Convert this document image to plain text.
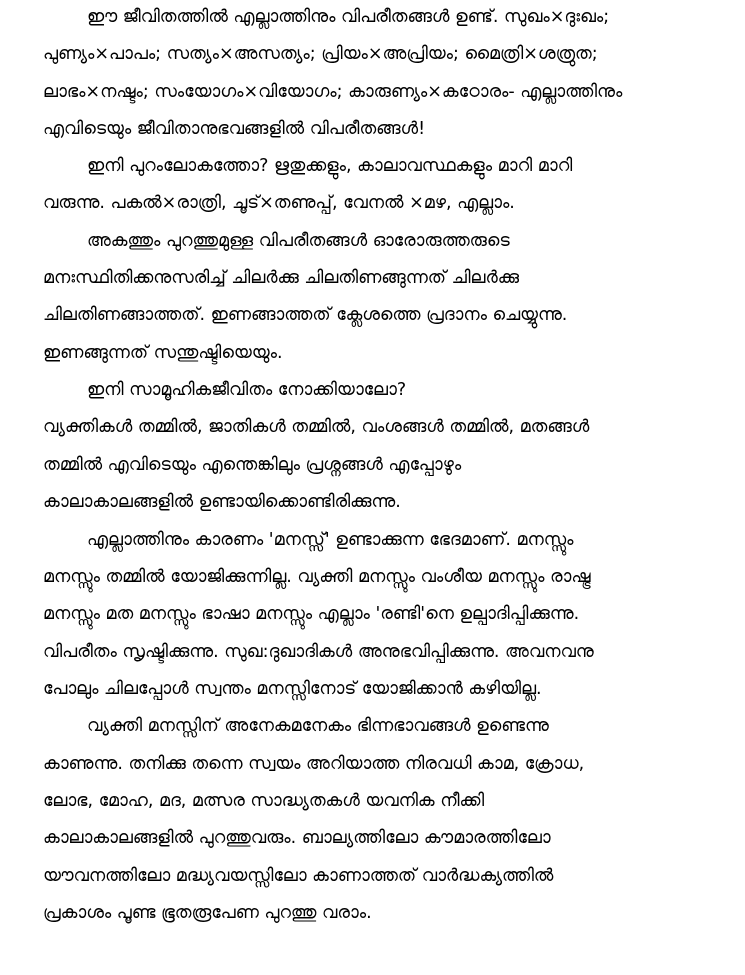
ഈ ജീവിതത്തിൽ എല്ലാത്തിനും വിപരീതങ്ങൾ ഉണ്ട്. സുഖം×ദുഃഖം;
പുണ്യം×പാപം; സത്യം×അസത്യം; പ്രിയം×അപ്രിയം; മൈത്രി×ശത്രുത;
ലാഭം×നഷ്ടം; സംയോഗം×വിയോഗം; കാരുണ്യം×കഠോരം- എല്ലാത്തിനും
എവിടെയും ജീവിതാനുഭവങ്ങളിൽ വിപരീതങ്ങൾ!
ഇനി പുറംലോകത്തോ? ഋതുക്കളും, കാലാവസ്ഥകളും മാറി മാറി
വരുന്നു. പകൽ×രാത്രി, ചൂട്×തണുപ്പ്, വേനൽ ×മഴ, എല്ലാം.
അകത്തും പുറത്തുമുള്ള വിപരീതങ്ങൾ ഓരോരുത്തരുടെ
മനഃസ്ഥിതിക്കനുസരിച്ച് ചിലർക്കു ചിലതിണങ്ങുന്നത് ചിലർക്കു
ചിലതിണങ്ങാത്തത്. ഇണങ്ങാത്തത് ക്ലേശത്തെ പ്രദാനം ചെയ്യുന്നു.
ഇണങ്ങുന്നത് സന്തുഷ്ടിയെയും.
ഇനി സാമൂഹികജീവിതം നോക്കിയാലോ?
വ്യക്തികൾ തമ്മിൽ, ജാതികൾ തമ്മിൽ, വംശങ്ങൾ തമ്മിൽ, മതങ്ങൾ
തമ്മിൽ എവിടെയും എന്തെങ്കിലും പ്രശ്നങ്ങൾ എപ്പോഴും
കാലാകാലങ്ങളിൽ ഉണ്ടായിക്കൊണ്ടിരിക്കുന്നു.
എല്ലാത്തിനും കാരണം 'മനസ്സ്' ഉണ്ടാക്കുന്ന ഭേദമാണ്. മനസ്സും
മനസ്സും തമ്മിൽ യോജിക്കുന്നില്ല. വ്യക്തി മനസ്സും വംശീയ മനസ്സും രാഷ്ട്ര
മനസ്സും മത മനസ്സും ഭാഷാ മനസ്സും എല്ലാം 'രണ്ടി'നെ ഉല്പാദിപ്പിക്കുന്നു.
വിപരീതം സൃഷ്ടിക്കുന്നു. സുഖ:ദുഖാദികൾ അനുഭവിപ്പിക്കുന്നു. അവനവനു
പോലും ചിലപ്പോൾ സ്വന്തം മനസ്സിനോട് യോജിക്കാൻ കഴിയില്ല.
വ്യക്തി മനസ്സിന് അനേകമനേകം ഭിന്നഭാവങ്ങൾ ഉണ്ടെന്നു
കാണുന്നു. തനിക്കു തന്നെ സ്വയം അറിയാത്ത നിരവധി കാമ, ക്രോധ,
ലോഭ, മോഹ, മദ, മത്സര സാദ്ധ്യതകൾ യവനിക നീക്കി
കാലാകാലങ്ങളിൽ പുറത്തുവരും. ബാല്യത്തിലോ കൗമാരത്തിലോ
യൗവനത്തിലോ മദ്ധ്യവയസ്സിലോ കാണാത്തത് വാർദ്ധക്യത്തിൽ
പ്രകാശം പൂണ്ട ഭൂതരൂപേണ പുറത്തു വരാം.
